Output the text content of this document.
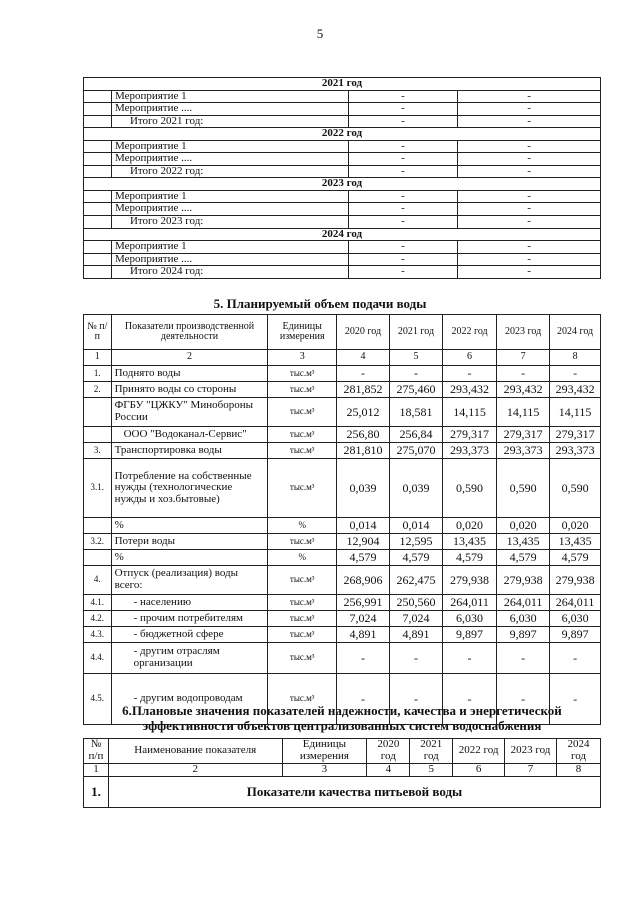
5
2021 год			
	Мероприятие 1	-	-
	Мероприятие ....	-	-
	Итого 2021 год:	-	-
2022 год			
	Мероприятие 1	-	-
	Мероприятие ....	-	-
	Итого 2022 год:	-	-
2023 год			
	Мероприятие 1	-	-
	Мероприятие ....	-	-
	Итого 2023 год:	-	-
2024 год			
	Мероприятие 1	-	-
	Мероприятие ....	-	-
	Итого 2024 год:	-	-
5. Планируемый объем подачи воды
№ п/п	Показатели производственной деятельности	Единицы измерения	2020 год	2021 год	2022 год	2023 год	2024 год
1	2	3	4	5	6	7	8
1.	Поднято воды	тыс.м³	-	-	-	-	-
2.	Принято воды со стороны	тыс.м³	281,852	275,460	293,432	293,432	293,432
	ФГБУ "ЦЖКУ" Минобороны России	тыс.м³	25,012	18,581	14,115	14,115	14,115
	ООО "Водоканал-Сервис"	тыс.м³	256,80	256,84	279,317	279,317	279,317
3.	Транспортировка воды	тыс.м³	281,810	275,070	293,373	293,373	293,373
3.1.	Потребление на собственные нужды (технологические нужды и хоз.бытовые)	тыс.м³	0,039	0,039	0,590	0,590	0,590
	%	%	0,014	0,014	0,020	0,020	0,020
3.2.	Потери воды	тыс.м³	12,904	12,595	13,435	13,435	13,435
	%	%	4,579	4,579	4,579	4,579	4,579
4.	Отпуск (реализация) воды всего:	тыс.м³	268,906	262,475	279,938	279,938	279,938
4.1.	- населению	тыс.м³	256,991	250,560	264,011	264,011	264,011
4.2.	- прочим потребителям	тыс.м³	7,024	7,024	6,030	6,030	6,030
4.3.	- бюджетной сфере	тыс.м³	4,891	4,891	9,897	9,897	9,897
4.4.	- другим отраслям организации	тыс.м³	-	-	-	-	-
4.5.	- другим водопроводам	тыс.м³	-	-	-	-	-
6.Плановые значения показателей надежности, качества и энергетической эффективности объектов централизованных систем водоснабжения
№ п/п	Наименование показателя	Единицы измерения	2020 год	2021 год	2022 год	2023 год	2024 год
1	2	3	4	5	6	7	8
1.	Показатели качества питьевой воды						
